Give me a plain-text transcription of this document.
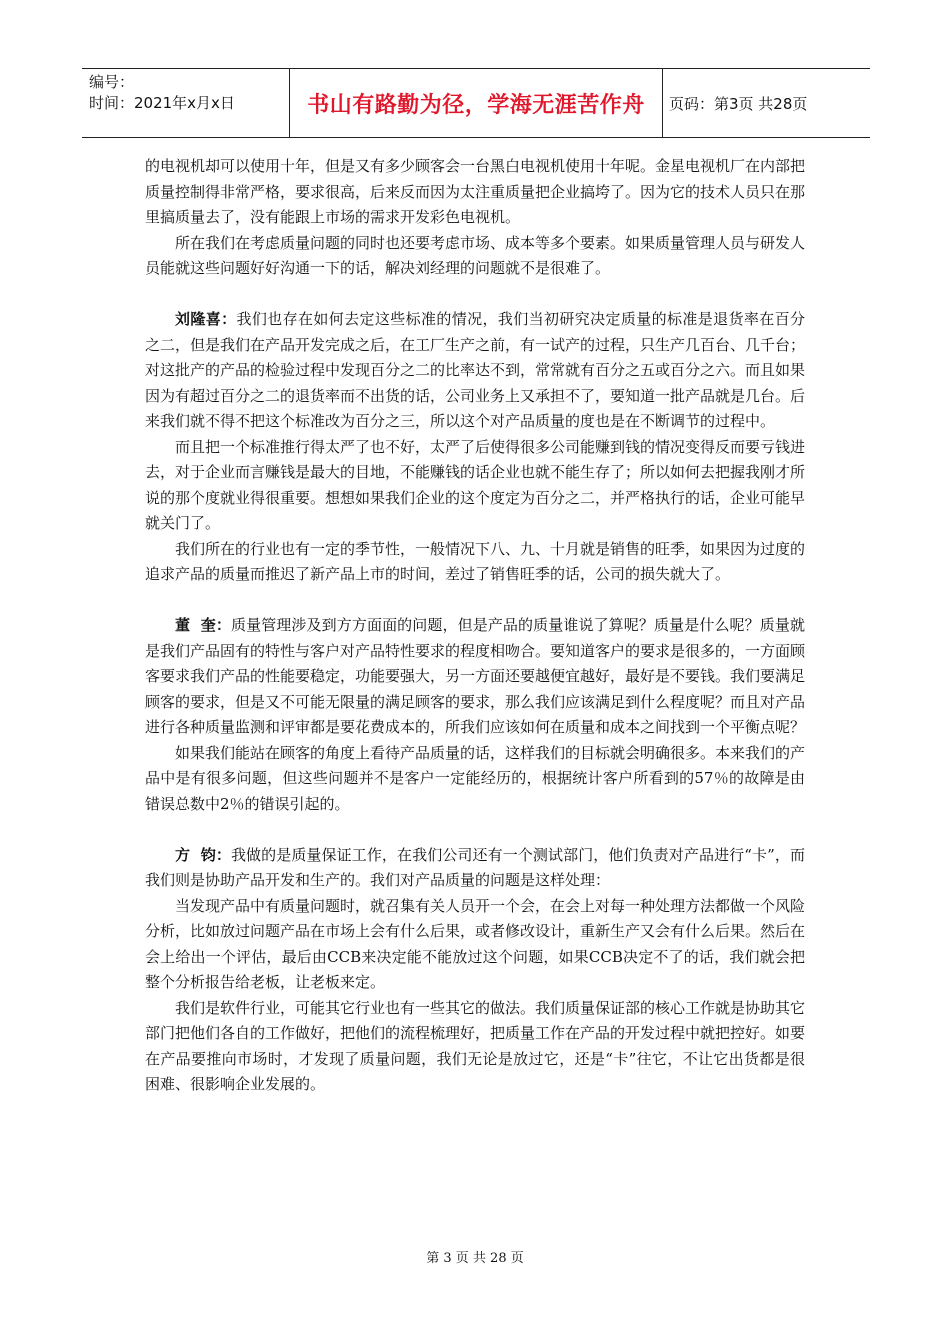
编号：
时间：2021年x月x日	书山有路勤为径，学海无涯苦作舟	页码：第3页 共28页

的电视机却可以使用十年，但是又有多少顾客会一台黑白电视机使用十年呢。金星电视机厂在内部把质量控制得非常严格，要求很高，后来反而因为太注重质量把企业搞垮了。因为它的技术人员只在那里搞质量去了，没有能跟上市场的需求开发彩色电视机。

所在我们在考虑质量问题的同时也还要考虑市场、成本等多个要素。如果质量管理人员与研发人员能就这些问题好好沟通一下的话，解决刘经理的问题就不是很难了。

刘隆喜：我们也存在如何去定这些标准的情况，我们当初研究决定质量的标准是退货率在百分之二，但是我们在产品开发完成之后，在工厂生产之前，有一试产的过程，只生产几百台、几千台；对这批产的产品的检验过程中发现百分之二的比率达不到，常常就有百分之五或百分之六。而且如果因为有超过百分之二的退货率而不出货的话，公司业务上又承担不了，要知道一批产品就是几台。后来我们就不得不把这个标准改为百分之三，所以这个对产品质量的度也是在不断调节的过程中。

而且把一个标准推行得太严了也不好，太严了后使得很多公司能赚到钱的情况变得反而要亏钱进去，对于企业而言赚钱是最大的目地，不能赚钱的话企业也就不能生存了；所以如何去把握我刚才所说的那个度就业得很重要。想想如果我们企业的这个度定为百分之二，并严格执行的话，企业可能早就关门了。

我们所在的行业也有一定的季节性，一般情况下八、九、十月就是销售的旺季，如果因为过度的追求产品的质量而推迟了新产品上市的时间，差过了销售旺季的话，公司的损失就大了。

董  奎：质量管理涉及到方方面面的问题，但是产品的质量谁说了算呢？质量是什么呢？质量就是我们产品固有的特性与客户对产品特性要求的程度相吻合。要知道客户的要求是很多的，一方面顾客要求我们产品的性能要稳定，功能要强大，另一方面还要越便宜越好，最好是不要钱。我们要满足顾客的要求，但是又不可能无限量的满足顾客的要求，那么我们应该满足到什么程度呢？而且对产品进行各种质量监测和评审都是要花费成本的，所我们应该如何在质量和成本之间找到一个平衡点呢？

如果我们能站在顾客的角度上看待产品质量的话，这样我们的目标就会明确很多。本来我们的产品中是有很多问题，但这些问题并不是客户一定能经历的，根据统计客户所看到的57％的故障是由错误总数中2％的错误引起的。

方  钧：我做的是质量保证工作，在我们公司还有一个测试部门，他们负责对产品进行“卡”，而我们则是协助产品开发和生产的。我们对产品质量的问题是这样处理：

当发现产品中有质量问题时，就召集有关人员开一个会，在会上对每一种处理方法都做一个风险分析，比如放过问题产品在市场上会有什么后果，或者修改设计，重新生产又会有什么后果。然后在会上给出一个评估，最后由CCB来决定能不能放过这个问题，如果CCB决定不了的话，我们就会把整个分析报告给老板，让老板来定。

我们是软件行业，可能其它行业也有一些其它的做法。我们质量保证部的核心工作就是协助其它部门把他们各自的工作做好，把他们的流程梳理好，把质量工作在产品的开发过程中就把控好。如要在产品要推向市场时，才发现了质量问题，我们无论是放过它，还是“卡”往它，不让它出货都是很困难、很影响企业发展的。

第 3 页 共 28 页
